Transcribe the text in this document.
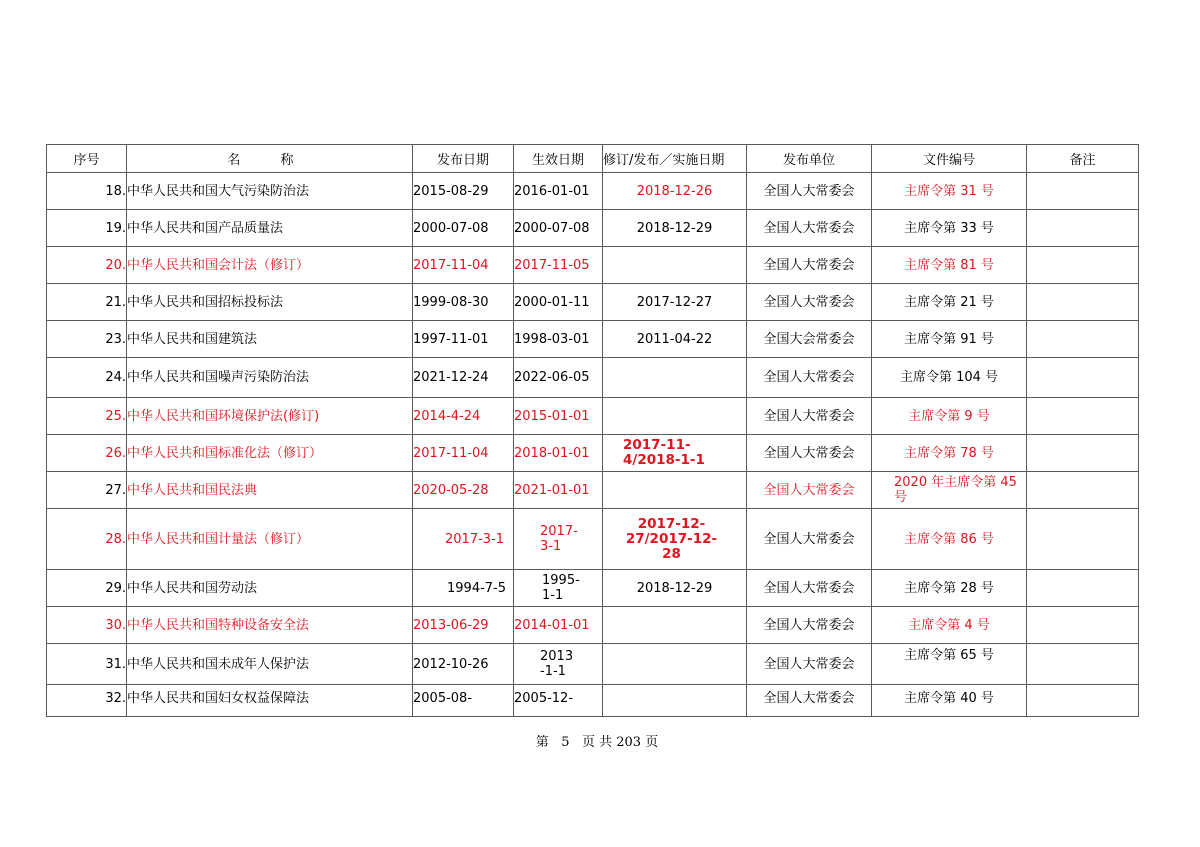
序号	名 称	发布日期	生效日期	修订/发布／实施日期	发布单位	文件编号	备注
18.	中华人民共和国大气污染防治法	2015-08-29	2016-01-01	2018-12-26	全国人大常委会	主席令第 31 号	
19.	中华人民共和国产品质量法	2000-07-08	2000-07-08	2018-12-29	全国人大常委会	主席令第 33 号	
20.	中华人民共和国会计法（修订）	2017-11-04	2017-11-05		全国人大常委会	主席令第 81 号	
21.	中华人民共和国招标投标法	1999-08-30	2000-01-11	2017-12-27	全国人大常委会	主席令第 21 号	
23.	中华人民共和国建筑法	1997-11-01	1998-03-01	2011-04-22	全国大会常委会	主席令第 91 号	
24.	中华人民共和国噪声污染防治法	2021-12-24	2022-06-05		全国人大常委会	主席令第 104 号	
25.	中华人民共和国环境保护法(修订)	2014-4-24	2015-01-01		全国人大常委会	主席令第 9 号	
26.	中华人民共和国标准化法（修订）	2017-11-04	2018-01-01	2017-11-4/2018-1-1	全国人大常委会	主席令第 78 号	
27.	中华人民共和国民法典	2020-05-28	2021-01-01		全国人大常委会	2020 年主席令第 45 号	
28.	中华人民共和国计量法（修订）	2017-3-1	2017-3-1	2017-12-27/2017-12-28	全国人大常委会	主席令第 86 号	
29.	中华人民共和国劳动法	1994-7-5	1995-1-1	2018-12-29	全国人大常委会	主席令第 28 号	
30.	中华人民共和国特种设备安全法	2013-06-29	2014-01-01		全国人大常委会	主席令第 4 号	
31.	中华人民共和国未成年人保护法	2012-10-26	2013-1-1		全国人大常委会	主席令第 65 号	
32.	中华人民共和国妇女权益保障法	2005-08-	2005-12-		全国人大常委会	主席令第 40 号	
第 5 页 共 203 页
